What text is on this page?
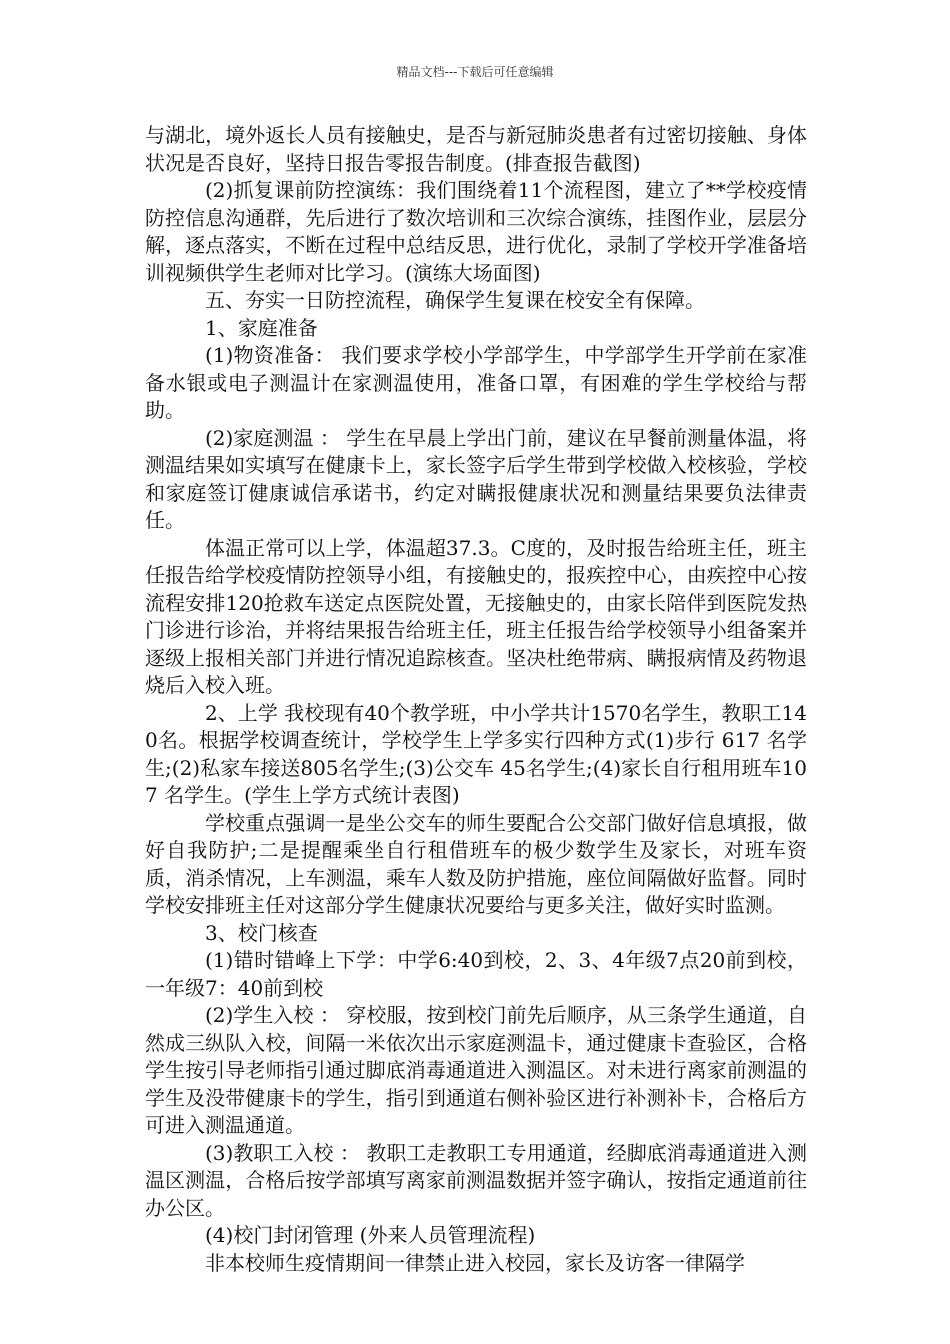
精品文档---下载后可任意编辑

与湖北，境外返长人员有接触史，是否与新冠肺炎患者有过密切接触、身体状况是否良好，坚持日报告零报告制度。(排查报告截图)

(2)抓复课前防控演练：我们围绕着11个流程图，建立了**学校疫情防控信息沟通群，先后进行了数次培训和三次综合演练，挂图作业，层层分解，逐点落实，不断在过程中总结反思，进行优化，录制了学校开学准备培训视频供学生老师对比学习。(演练大场面图)

五、夯实一日防控流程，确保学生复课在校安全有保障。

1、家庭准备

(1)物资准备： 我们要求学校小学部学生，中学部学生开学前在家准备水银或电子测温计在家测温使用，准备口罩，有困难的学生学校给与帮助。

(2)家庭测温 ： 学生在早晨上学出门前，建议在早餐前测量体温，将测温结果如实填写在健康卡上，家长签字后学生带到学校做入校核验，学校和家庭签订健康诚信承诺书，约定对瞒报健康状况和测量结果要负法律责任。

体温正常可以上学，体温超37.3。C度的，及时报告给班主任，班主任报告给学校疫情防控领导小组，有接触史的，报疾控中心，由疾控中心按流程安排120抢救车送定点医院处置，无接触史的，由家长陪伴到医院发热门诊进行诊治，并将结果报告给班主任，班主任报告给学校领导小组备案并逐级上报相关部门并进行情况追踪核查。坚决杜绝带病、瞒报病情及药物退烧后入校入班。

2、上学 我校现有40个教学班，中小学共计1570名学生，教职工140名。根据学校调查统计，学校学生上学多实行四种方式(1)步行 617 名学生;(2)私家车接送805名学生;(3)公交车 45名学生;(4)家长自行租用班车107 名学生。(学生上学方式统计表图)

学校重点强调一是坐公交车的师生要配合公交部门做好信息填报，做好自我防护;二是提醒乘坐自行租借班车的极少数学生及家长，对班车资质，消杀情况，上车测温，乘车人数及防护措施，座位间隔做好监督。同时学校安排班主任对这部分学生健康状况要给与更多关注，做好实时监测。

3、校门核查

(1)错时错峰上下学：中学6:40到校，2、3、4年级7点20前到校，一年级7：40前到校

(2)学生入校 ： 穿校服，按到校门前先后顺序，从三条学生通道，自然成三纵队入校，间隔一米依次出示家庭测温卡，通过健康卡查验区，合格学生按引导老师指引通过脚底消毒通道进入测温区。对未进行离家前测温的学生及没带健康卡的学生，指引到通道右侧补验区进行补测补卡，合格后方可进入测温通道。

(3)教职工入校 ： 教职工走教职工专用通道，经脚底消毒通道进入测温区测温，合格后按学部填写离家前测温数据并签字确认，按指定通道前往办公区。

(4)校门封闭管理 (外来人员管理流程)

非本校师生疫情期间一律禁止进入校园，家长及访客一律隔学
